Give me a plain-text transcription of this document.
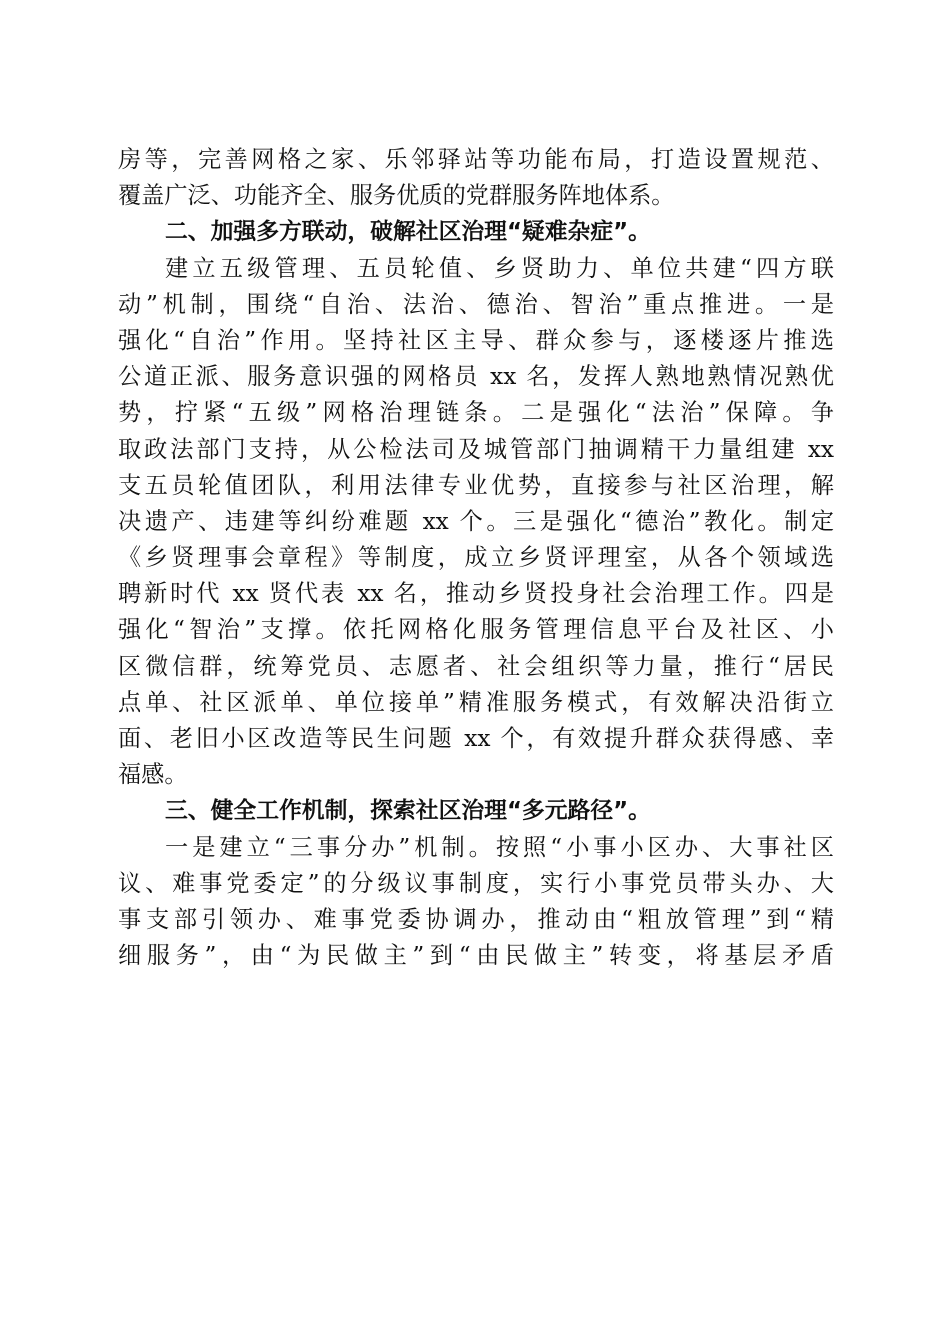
房等，完善网格之家、乐邻驿站等功能布局，打造设置规范、
覆盖广泛、功能齐全、服务优质的党群服务阵地体系。
二、加强多方联动，破解社区治理“疑难杂症”。
建立五级管理、五员轮值、乡贤助力、单位共建“四方联
动”机制，围绕“自治、法治、德治、智治”重点推进。一是
强化“自治”作用。坚持社区主导、群众参与，逐楼逐片推选
公道正派、服务意识强的网格员 xx 名，发挥人熟地熟情况熟优
势，拧紧“五级”网格治理链条。二是强化“法治”保障。争
取政法部门支持，从公检法司及城管部门抽调精干力量组建 xx
支五员轮值团队，利用法律专业优势，直接参与社区治理，解
决遗产、违建等纠纷难题 xx 个。三是强化“德治”教化。制定
《乡贤理事会章程》等制度，成立乡贤评理室，从各个领域选
聘新时代 xx 贤代表 xx 名，推动乡贤投身社会治理工作。四是
强化“智治”支撑。依托网格化服务管理信息平台及社区、小
区微信群，统筹党员、志愿者、社会组织等力量，推行“居民
点单、社区派单、单位接单”精准服务模式，有效解决沿街立
面、老旧小区改造等民生问题 xx 个，有效提升群众获得感、幸
福感。
三、健全工作机制，探索社区治理“多元路径”。
一是建立“三事分办”机制。按照“小事小区办、大事社区
议、难事党委定”的分级议事制度，实行小事党员带头办、大
事支部引领办、难事党委协调办，推动由“粗放管理”到“精
细服务”，由“为民做主”到“由民做主”转变，将基层矛盾
